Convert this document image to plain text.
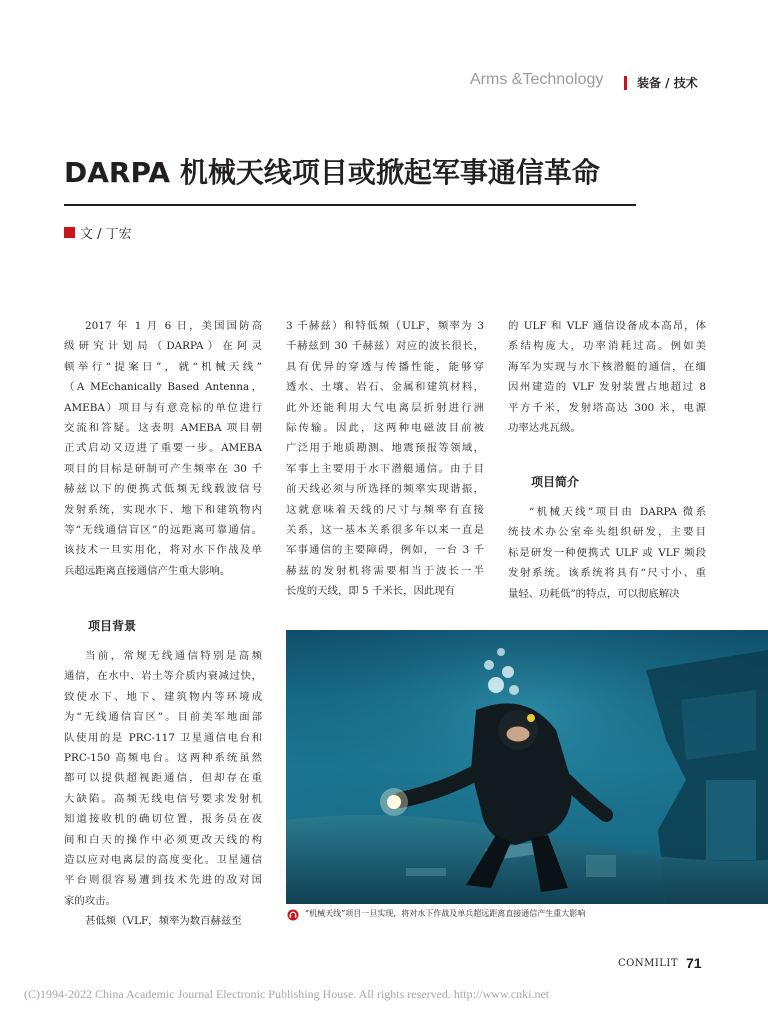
Arms &Technology	装备 / 技术
DARPA 机械天线项目或掀起军事通信革命
文 / 丁宏
2017 年 1 月 6 日，美国国防高
级研究计划局（DARPA）在阿灵
顿举行“提案日”，就“机械天线”
（A MEchanically Based Antenna，
AMEBA）项目与有意竞标的单位进行
交流和答疑。这表明 AMEBA 项目朝
正式启动又迈进了重要一步。AMEBA
项目的目标是研制可产生频率在 30 千
赫兹以下的便携式低频无线载波信号
发射系统，实现水下、地下和建筑物内
等“无线通信盲区”的远距离可靠通信。
该技术一旦实用化，将对水下作战及单
兵超远距离直接通信产生重大影响。
项目背景
当前，常规无线通信特别是高频
通信，在水中、岩土等介质内衰减过快，
致使水下、地下、建筑物内等环境成
为“无线通信盲区”。目前美军地面部
队使用的是 PRC-117 卫星通信电台和
PRC-150 高频电台。这两种系统虽然
都可以提供超视距通信，但却存在重
大缺陷。高频无线电信号要求发射机
知道接收机的确切位置，报务员在夜
间和白天的操作中必须更改天线的构
造以应对电离层的高度变化。卫星通信
平台则很容易遭到技术先进的敌对国
家的攻击。
甚低频（VLF，频率为数百赫兹至
3 千赫兹）和特低频（ULF，频率为 3
千赫兹到 30 千赫兹）对应的波长很长，
具有优异的穿透与传播性能，能够穿
透水、土壤、岩石、金属和建筑材料，
此外还能利用大气电离层折射进行洲
际传输。因此，这两种电磁波目前被
广泛用于地质勘测、地震预报等领域，
军事上主要用于水下潜艇通信。由于目
前天线必须与所选择的频率实现谐振，
这就意味着天线的尺寸与频率有直接
关系，这一基本关系很多年以来一直是
军事通信的主要障碍，例如，一台 3 千
赫兹的发射机将需要相当于波长一半
长度的天线，即 5 千米长，因此现有
的 ULF 和 VLF 通信设备成本高昂，体
系结构庞大，功率消耗过高。例如美
海军为实现与水下核潜艇的通信，在缅
因州建造的 VLF 发射装置占地超过 8
平方千米，发射塔高达 300 米，电源
功率达兆瓦级。
项目简介
“机械天线”项目由 DARPA 微系
统技术办公室牵头组织研发，主要目
标是研发一种便携式 ULF 或 VLF 频段
发射系统。该系统将具有“尺寸小、重
量轻、功耗低”的特点，可以彻底解决
“机械天线”项目一旦实现，将对水下作战及单兵超远距离直接通信产生重大影响
CONMILIT 71
(C)1994-2022 China Academic Journal Electronic Publishing House. All rights reserved. http://www.cnki.net
